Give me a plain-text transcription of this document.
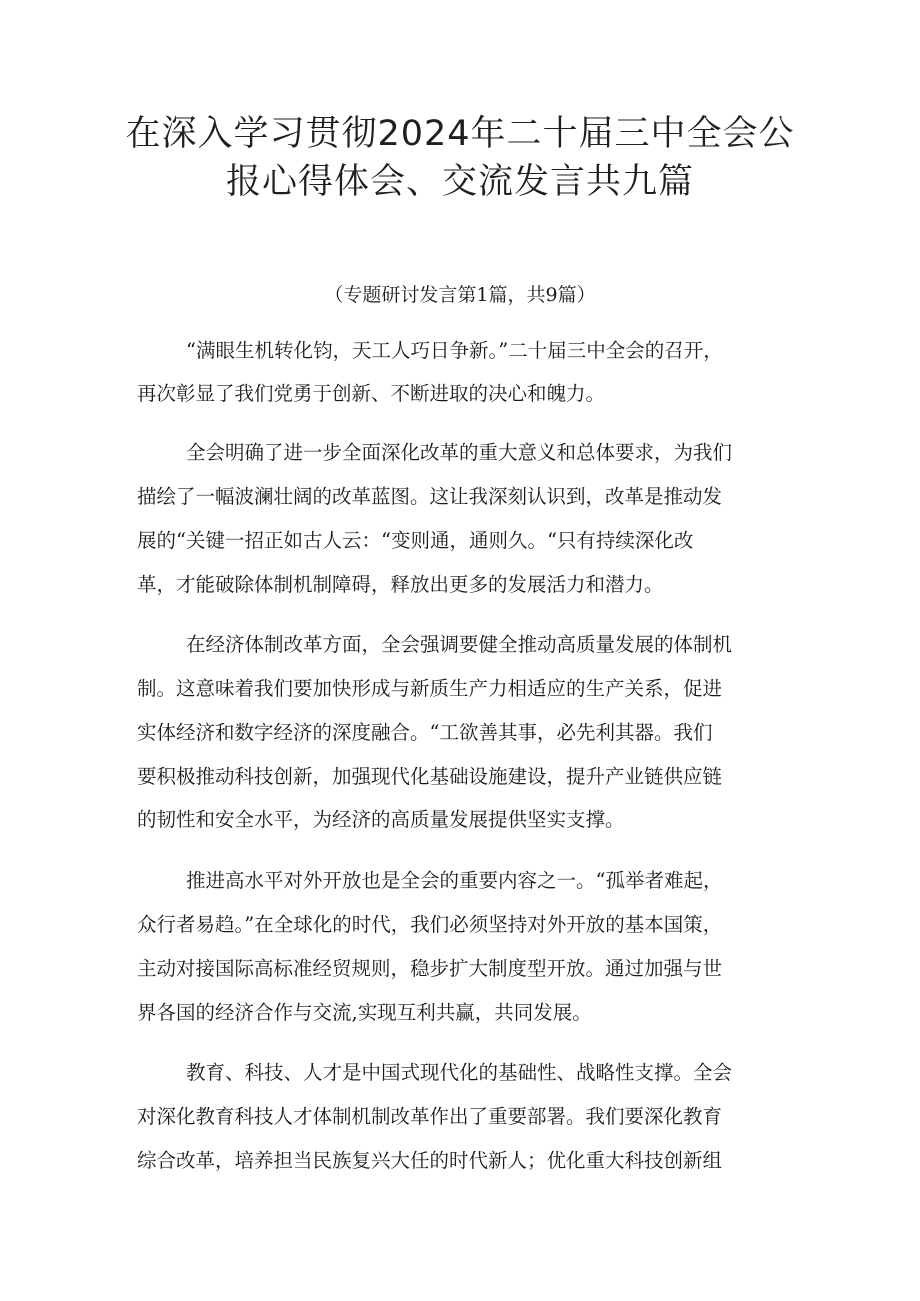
在深入学习贯彻2024年二十届三中全会公
报心得体会、交流发言共九篇
（专题研讨发言第1篇，共9篇）
“满眼生机转化钧，天工人巧日争新。”二十届三中全会的召开，
再次彰显了我们党勇于创新、不断进取的决心和魄力。
全会明确了进一步全面深化改革的重大意义和总体要求，为我们
描绘了一幅波澜壮阔的改革蓝图。这让我深刻认识到，改革是推动发
展的“关键一招正如古人云：“变则通，通则久。“只有持续深化改
革，才能破除体制机制障碍，释放出更多的发展活力和潜力。
在经济体制改革方面，全会强调要健全推动高质量发展的体制机
制。这意味着我们要加快形成与新质生产力相适应的生产关系，促进
实体经济和数字经济的深度融合。“工欲善其事，必先利其器。我们
要积极推动科技创新，加强现代化基础设施建设，提升产业链供应链
的韧性和安全水平，为经济的高质量发展提供坚实支撑。
推进高水平对外开放也是全会的重要内容之一。“孤举者难起，
众行者易趋。”在全球化的时代，我们必须坚持对外开放的基本国策，
主动对接国际高标准经贸规则，稳步扩大制度型开放。通过加强与世
界各国的经济合作与交流,实现互利共赢，共同发展。
教育、科技、人才是中国式现代化的基础性、战略性支撑。全会
对深化教育科技人才体制机制改革作出了重要部署。我们要深化教育
综合改革，培养担当民族复兴大任的时代新人；优化重大科技创新组
